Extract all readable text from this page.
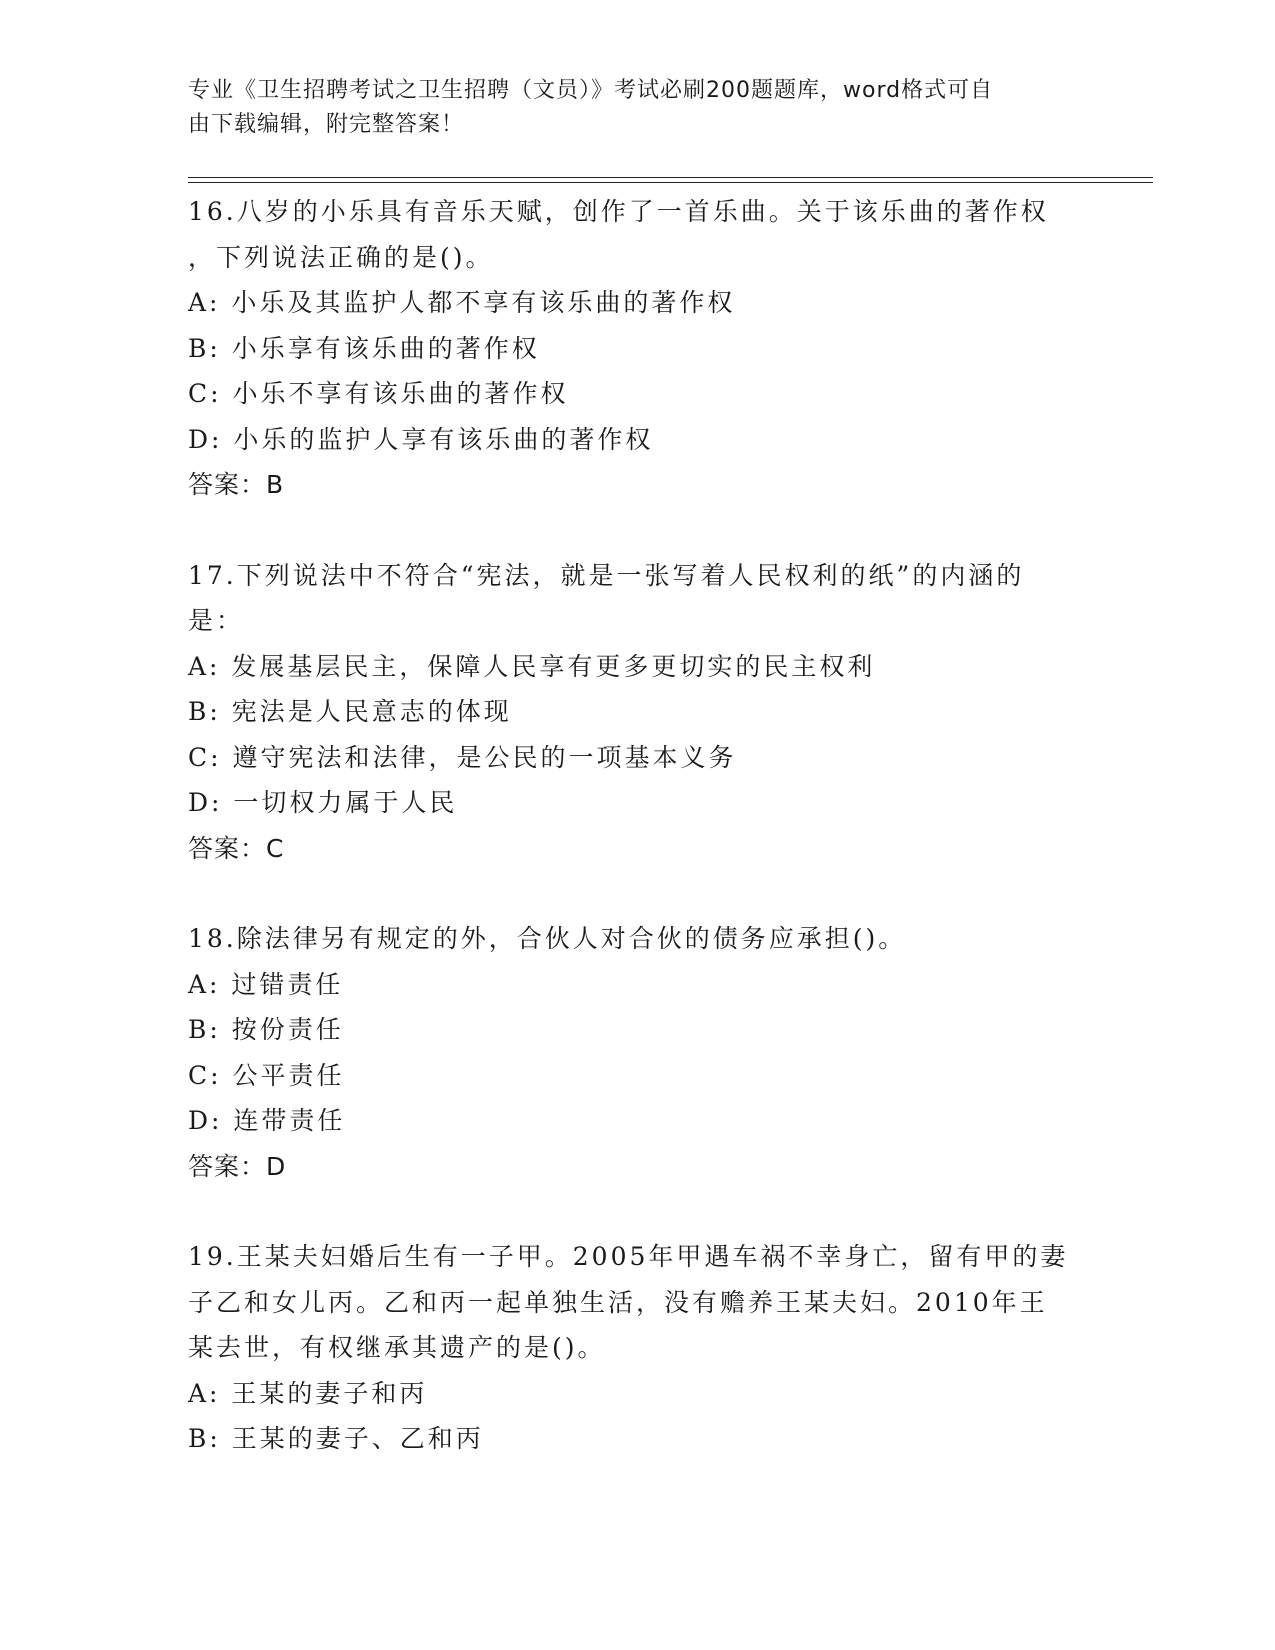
专业《卫生招聘考试之卫生招聘（文员）》考试必刷200题题库，word格式可自
由下载编辑，附完整答案！
16.八岁的小乐具有音乐天赋，创作了一首乐曲。关于该乐曲的著作权
，下列说法正确的是()。
A: 小乐及其监护人都不享有该乐曲的著作权
B: 小乐享有该乐曲的著作权
C: 小乐不享有该乐曲的著作权
D: 小乐的监护人享有该乐曲的著作权
答案：B
17.下列说法中不符合“宪法，就是一张写着人民权利的纸”的内涵的
是：
A: 发展基层民主，保障人民享有更多更切实的民主权利
B: 宪法是人民意志的体现
C: 遵守宪法和法律，是公民的一项基本义务
D: 一切权力属于人民
答案：C
18.除法律另有规定的外，合伙人对合伙的债务应承担()。
A: 过错责任
B: 按份责任
C: 公平责任
D: 连带责任
答案：D
19.王某夫妇婚后生有一子甲。2005年甲遇车祸不幸身亡，留有甲的妻
子乙和女儿丙。乙和丙一起单独生活，没有赡养王某夫妇。2010年王
某去世，有权继承其遗产的是()。
A: 王某的妻子和丙
B: 王某的妻子、乙和丙
